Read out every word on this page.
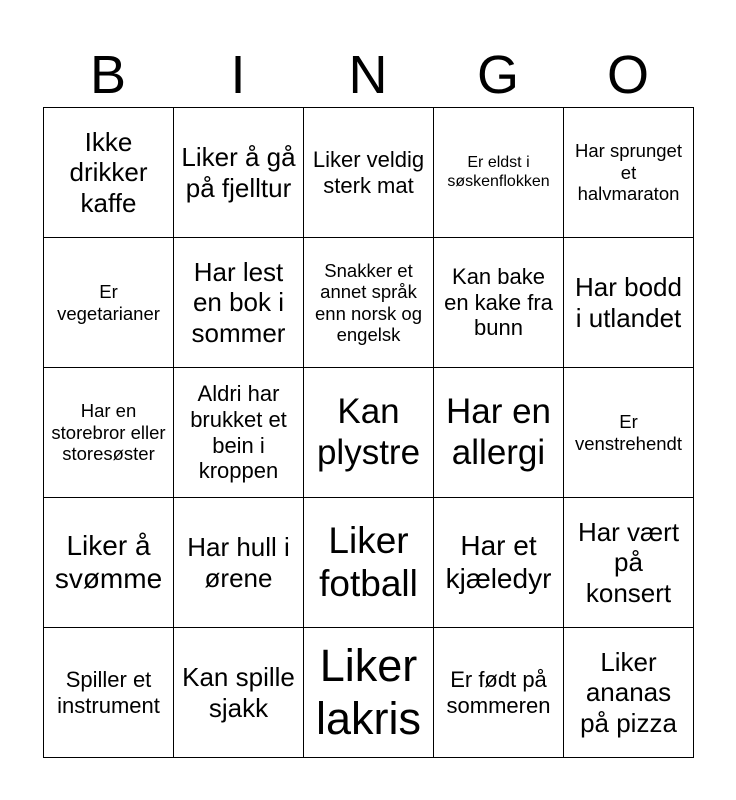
B	I	N	G	O
Ikke drikker kaffe	Liker å gå på fjelltur	Liker veldig sterk mat	Er eldst i søskenflokken	Har sprunget et halvmaraton
Er vegetarianer	Har lest en bok i sommer	Snakker et annet språk enn norsk og engelsk	Kan bake en kake fra bunn	Har bodd i utlandet
Har en storebror eller storesøster	Aldri har brukket et bein i kroppen	Kan plystre	Har en allergi	Er venstrehendt
Liker å svømme	Har hull i ørene	Liker fotball	Har et kjæledyr	Har vært på konsert
Spiller et instrument	Kan spille sjakk	Liker lakris	Er født på sommeren	Liker ananas på pizza
